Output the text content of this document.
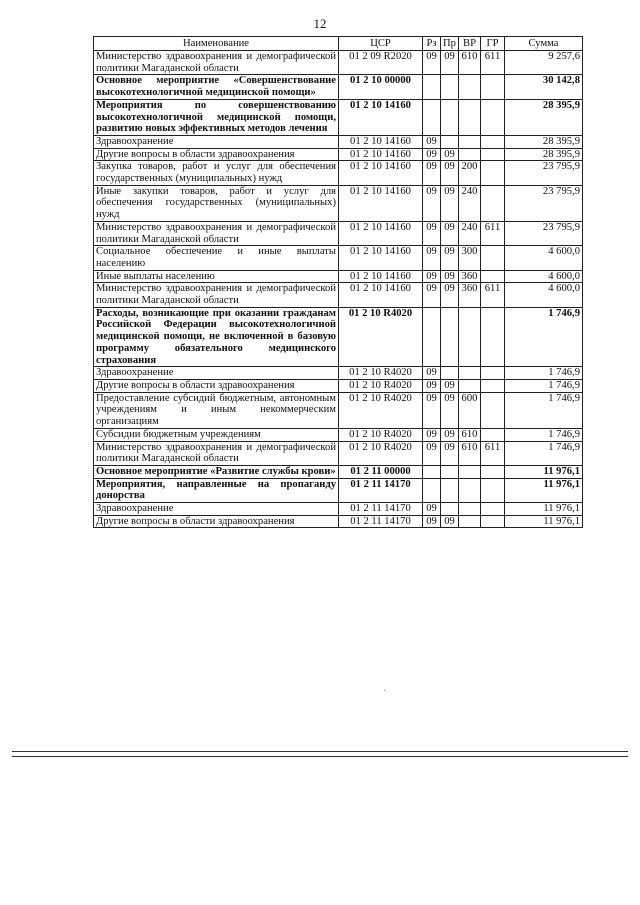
12
Наименование	ЦСР	Рз	Пр	ВР	ГР	Сумма
Министерство здравоохранения и демографической политики Магаданской области	01 2 09 R2020	09	09	610	611	9 257,6
Основное мероприятие «Совершенствование высокотехнологичной медицинской помощи»	01 2 10 00000					30 142,8
Мероприятия по совершенствованию высокотехнологичной медицинской помощи, развитию новых эффективных методов лечения	01 2 10 14160					28 395,9
Здравоохранение	01 2 10 14160	09				28 395,9
Другие вопросы в области здравоохранения	01 2 10 14160	09	09			28 395,9
Закупка товаров, работ и услуг для обеспечения государственных (муниципальных) нужд	01 2 10 14160	09	09	200		23 795,9
Иные закупки товаров, работ и услуг для обеспечения государственных (муниципальных) нужд	01 2 10 14160	09	09	240		23 795,9
Министерство здравоохранения и демографической политики Магаданской области	01 2 10 14160	09	09	240	611	23 795,9
Социальное обеспечение и иные выплаты населению	01 2 10 14160	09	09	300		4 600,0
Иные выплаты населению	01 2 10 14160	09	09	360		4 600,0
Министерство здравоохранения и демографической политики Магаданской области	01 2 10 14160	09	09	360	611	4 600,0
Расходы, возникающие при оказании гражданам Российской Федерации высокотехнологичной медицинской помощи, не включенной в базовую программу обязательного медицинского страхования	01 2 10 R4020					1 746,9
Здравоохранение	01 2 10 R4020	09				1 746,9
Другие вопросы в области здравоохранения	01 2 10 R4020	09	09			1 746,9
Предоставление субсидий бюджетным, автономным учреждениям и иным некоммерческим организациям	01 2 10 R4020	09	09	600		1 746,9
Субсидии бюджетным учреждениям	01 2 10 R4020	09	09	610		1 746,9
Министерство здравоохранения и демографической политики Магаданской области	01 2 10 R4020	09	09	610	611	1 746,9
Основное мероприятие «Развитие службы крови»	01 2 11 00000					11 976,1
Мероприятия, направленные на пропаганду донорства	01 2 11 14170					11 976,1
Здравоохранение	01 2 11 14170	09				11 976,1
Другие вопросы в области здравоохранения	01 2 11 14170	09	09			11 976,1
